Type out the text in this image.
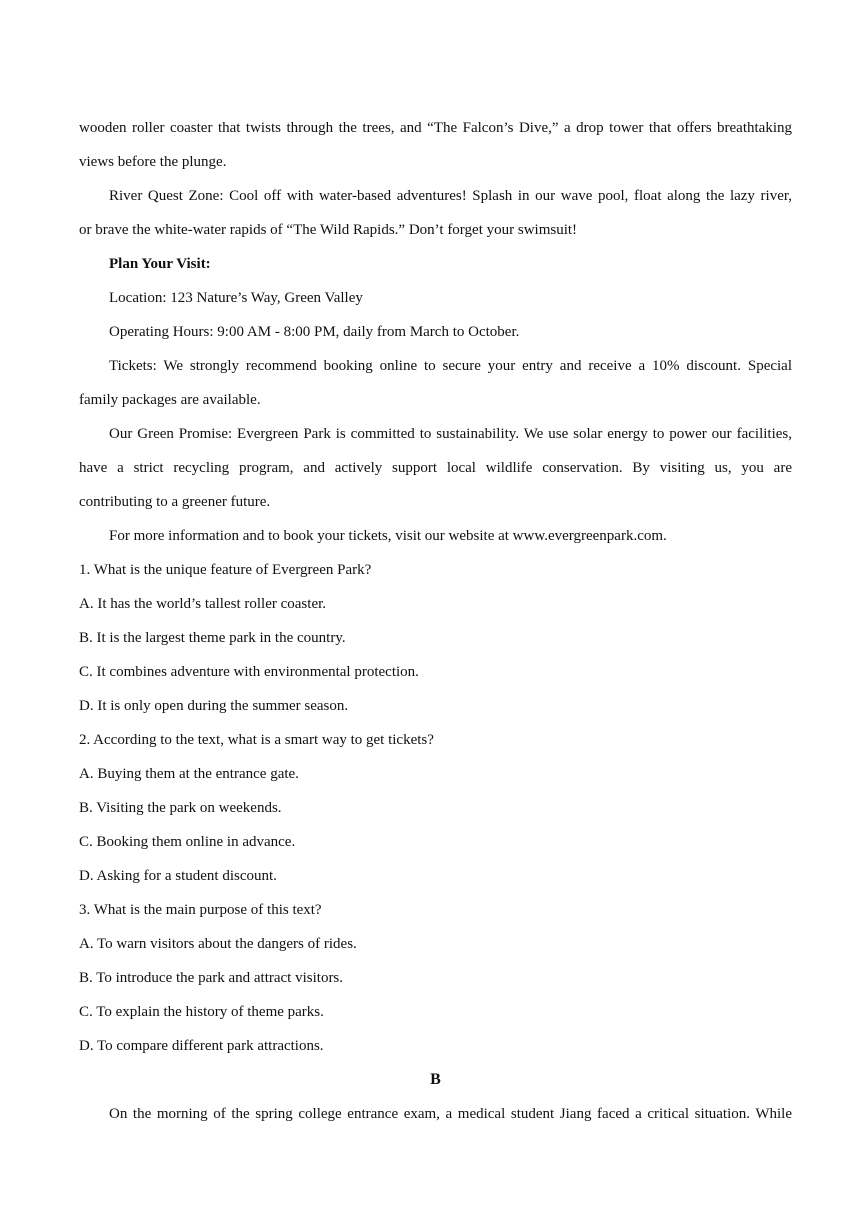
wooden roller coaster that twists through the trees, and “The Falcon’s Dive,” a drop tower that offers breathtaking
views before the plunge.
River Quest Zone: Cool off with water-based adventures! Splash in our wave pool, float along the lazy river,
or brave the white-water rapids of “The Wild Rapids.” Don’t forget your swimsuit!
Plan Your Visit:
Location: 123 Nature’s Way, Green Valley
Operating Hours: 9:00 AM - 8:00 PM, daily from March to October.
Tickets: We strongly recommend booking online to secure your entry and receive a 10% discount. Special
family packages are available.
Our Green Promise: Evergreen Park is committed to sustainability. We use solar energy to power our facilities,
have a strict recycling program, and actively support local wildlife conservation. By visiting us, you are
contributing to a greener future.
For more information and to book your tickets, visit our website at www.evergreenpark.com.
1. What is the unique feature of Evergreen Park?
A. It has the world’s tallest roller coaster.
B. It is the largest theme park in the country.
C. It combines adventure with environmental protection.
D. It is only open during the summer season.
2. According to the text, what is a smart way to get tickets?
A. Buying them at the entrance gate.
B. Visiting the park on weekends.
C. Booking them online in advance.
D. Asking for a student discount.
3. What is the main purpose of this text?
A. To warn visitors about the dangers of rides.
B. To introduce the park and attract visitors.
C. To explain the history of theme parks.
D. To compare different park attractions.
B
On the morning of the spring college entrance exam, a medical student Jiang faced a critical situation. While
